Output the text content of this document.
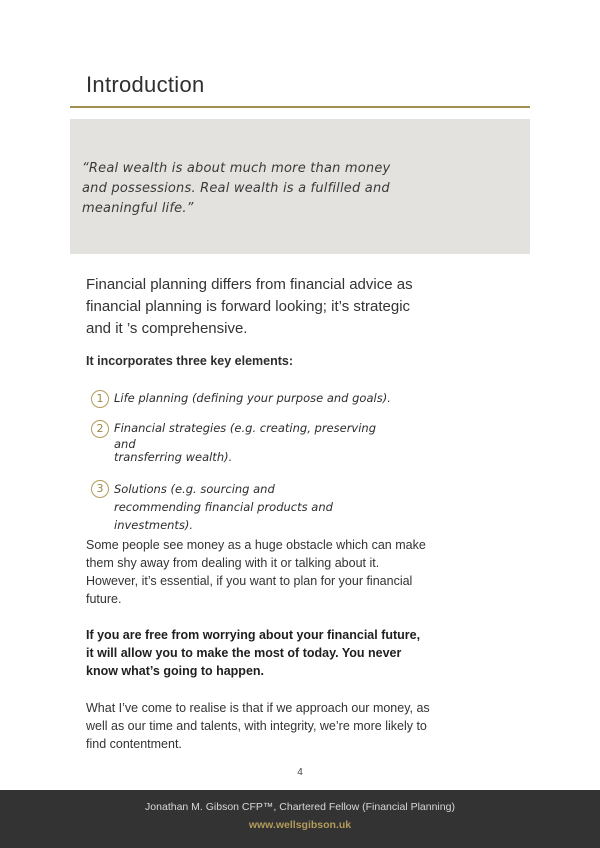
Introduction
“Real wealth is about much more than money and possessions. Real wealth is a fulfilled and meaningful life.”
Financial planning differs from financial advice as financial planning is forward looking; it’s strategic and it ’s comprehensive.
It incorporates three key elements:
1 Life planning (defining your purpose and goals).
2 Financial strategies (e.g. creating, preserving and
transferring wealth).
3 Solutions (e.g. sourcing and recommending financial products and investments).
Some people see money as a huge obstacle which can make them shy away from dealing with it or talking about it. However, it’s essential, if you want to plan for your financial future.
If you are free from worrying about your financial future, it will allow you to make the most of today. You never know what’s going to happen.
What I’ve come to realise is that if we approach our money, as well as our time and talents, with integrity, we’re more likely to find contentment.
4
Jonathan M. Gibson CFP™, Chartered Fellow (Financial Planning)
www.wellsgibson.uk
